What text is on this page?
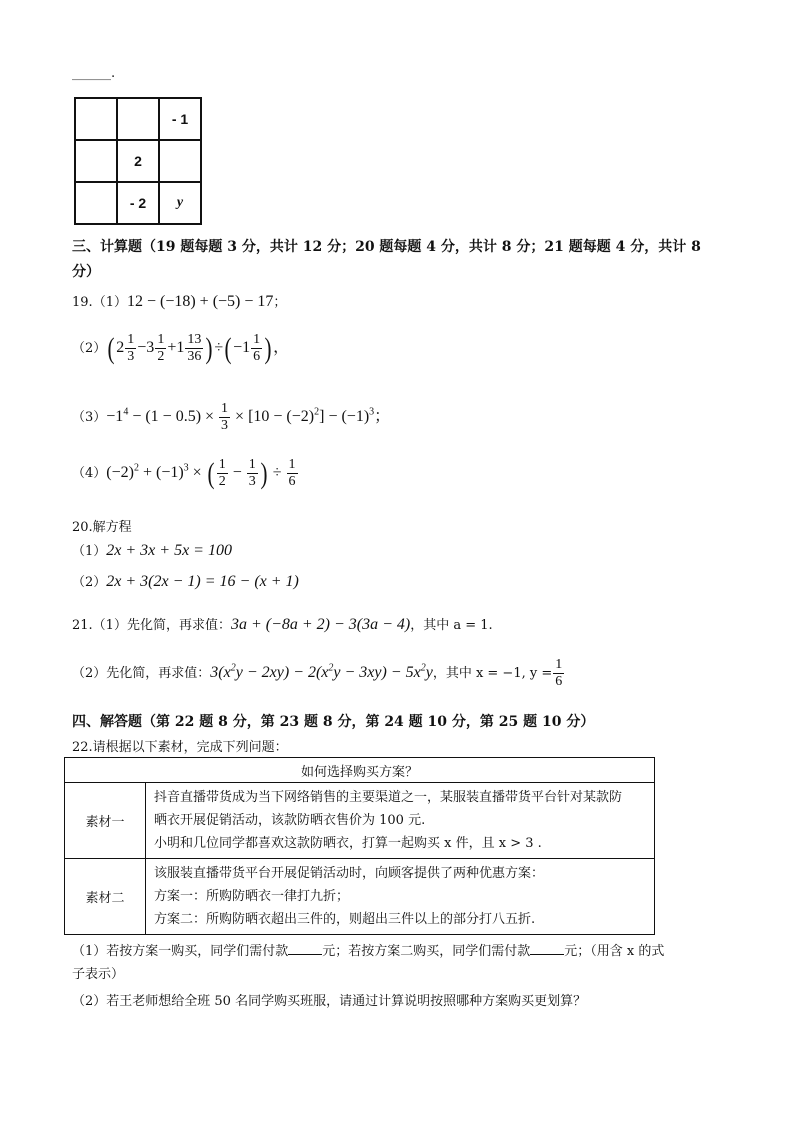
______.
		- 1
	2	
	- 2	y
三、计算题（19 题每题 3 分，共计 12 分；20 题每题 4 分，共计 8 分；21 题每题 4 分，共计 8
分）
19.（1）12 − (−18) + (−5) − 17；
$(2)(2 \frac{1}{3} -3 \frac{1}{2} +1 \frac{13}{36} )\div(-1 \frac{1}{6}$ )，
$(3)-1^4 - (1 - 0.5) \times \frac{1}{3} \times [10 - (-2)^2] - (-1)^3$；
$(4)(-2)^2 + (-1)^3$ × ( $\frac{1}{2} - \frac{1}{3}$ ) ÷ $\frac{1}{6}$
20.解方程
（1）2x + 3x + 5x = 100
（2）2x + 3(2x − 1) = 16 − (x + 1)
21.（1）先化简，再求值：3a + (−8a + 2) − 3(3a − 4)，其中 a = 1.
（2）先化简，再求值：$3(x^2y - 2xy) - 2(x^2y - 3xy) - 5x^2y$，其中 x = −1, $y = \frac{1}{6}$
四、解答题（第 22 题 8 分，第 23 题 8 分，第 24 题 10 分，第 25 题 10 分）
22.请根据以下素材，完成下列问题：
如何选择购买方案？	
素材一	抖音直播带货成为当下网络销售的主要渠道之一，某服装直播带货平台针对某款防
晒衣开展促销活动，该款防晒衣售价为 100 元.
小明和几位同学都喜欢这款防晒衣，打算一起购买 x 件，且 x > 3 .

素材二	该服装直播带货平台开展促销活动时，向顾客提供了两种优惠方案：
方案一：所购防晒衣一律打九折；
方案二：所购防晒衣超出三件的，则超出三件以上的部分打八五折.
（1）若按方案一购买，同学们需付款	元；若按方案二购买，同学们需付款	元；（用含 x 的式
子表示）
（2）若王老师想给全班 50 名同学购买班服，请通过计算说明按照哪种方案购买更划算？
